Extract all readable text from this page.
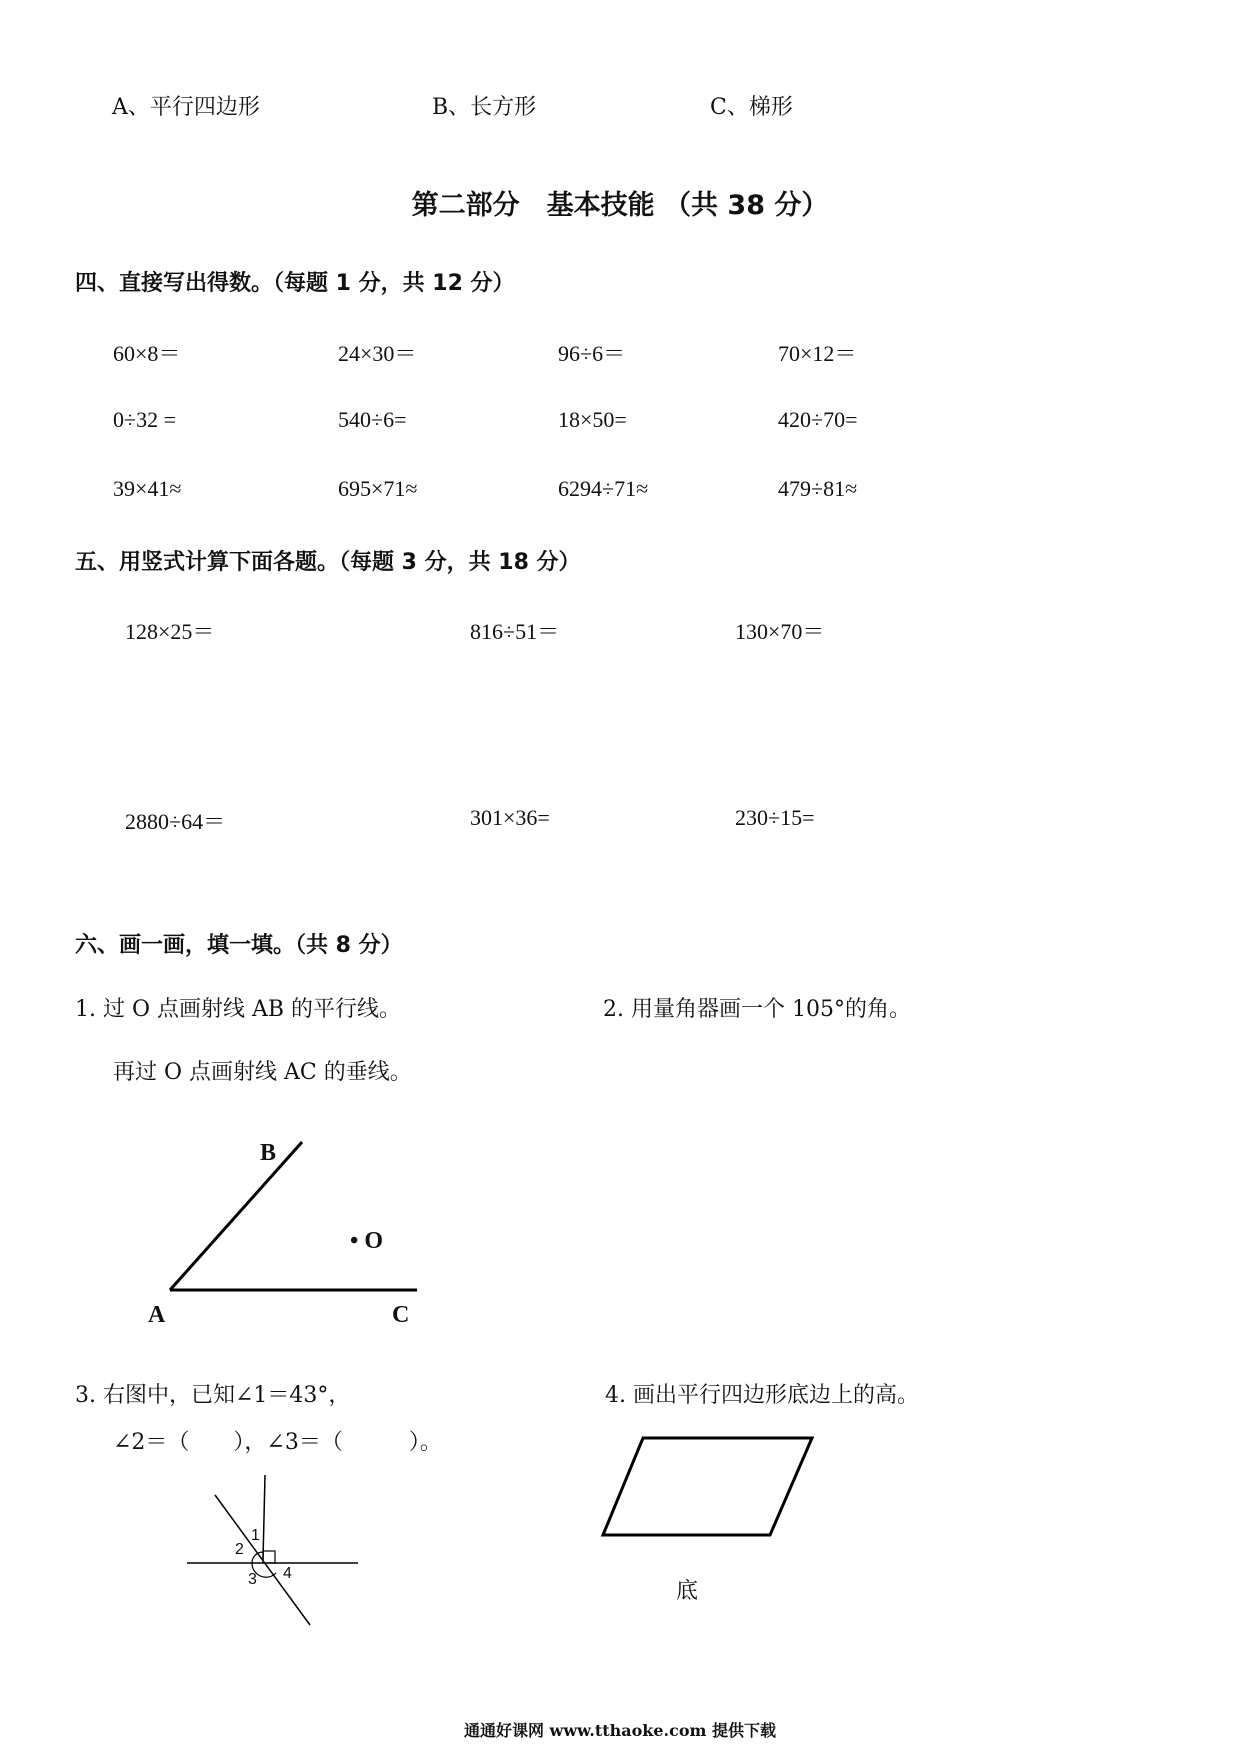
A、平行四边形	B、长方形	C、梯形
第二部分　基本技能 （共 38 分）
四、直接写出得数。（每题 1 分，共 12 分）
60×8＝	24×30＝	96÷6＝	70×12＝
0÷32 =	540÷6=	18×50=	420÷70=
39×41≈	695×71≈	6294÷71≈	479÷81≈
五、用竖式计算下面各题。（每题 3 分，共 18 分）
128×25＝	816÷51＝	130×70＝
2880÷64＝	301×36=	230÷15=
六、画一画，填一填。（共 8 分）
1. 过 O 点画射线 AB 的平行线。
再过 O 点画射线 AC 的垂线。
2. 用量角器画一个 105°的角。
B
• O
A	C
3. 右图中，已知∠1＝43°，
∠2＝（　　），∠3＝（　　　）。
4. 画出平行四边形底边上的高。
1
2
3 4
底
通通好课网 www.tthaoke.com 提供下载
